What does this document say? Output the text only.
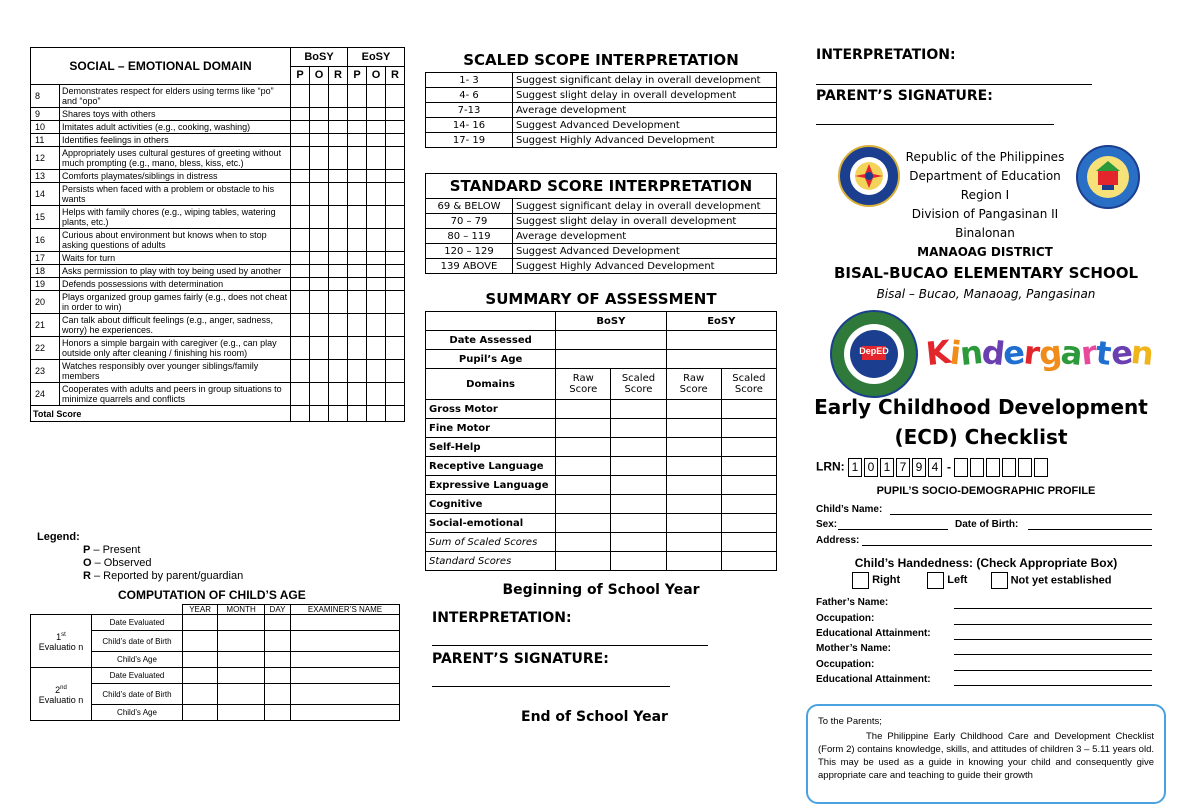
SOCIAL – EMOTIONAL DOMAIN		BoSY			EoSY		
		P	O	R	P	O	R
8	Demonstrates respect for elders using terms like “po” and “opo”						
9	Shares toys with others						
10	Imitates adult activities (e.g., cooking, washing)						
11	Identifies feelings in others						
12	Appropriately uses cultural gestures of greeting without much prompting (e.g., mano, bless, kiss, etc.)						
13	Comforts playmates/siblings in distress						
14	Persists when faced with a problem or obstacle to his wants						
15	Helps with family chores (e.g., wiping tables, watering plants, etc.)						
16	Curious about environment but knows when to stop asking questions of adults						
17	Waits for turn						
18	Asks permission to play with toy being used by another						
19	Defends possessions with determination						
20	Plays organized group games fairly (e.g., does not cheat in order to win)						
21	Can talk about difficult feelings (e.g., anger, sadness, worry) he experiences.						
22	Honors a simple bargain with caregiver (e.g., can play outside only after cleaning / finishing his room)						
23	Watches responsibly over younger siblings/family members						
24	Cooperates with adults and peers in group situations to minimize quarrels and conflicts						
Total Score							
Legend:
P – Present
O – Observed
R – Reported by parent/guardian
COMPUTATION OF CHILD’S AGE
		YEAR	MONTH	DAY	EXAMINER’S NAME
1st
Evaluatio n	Date Evaluated				
	Child’s date of Birth				
	Child’s Age				
2nd
Evaluatio n	Date Evaluated				
	Child’s date of Birth				
	Child’s Age				
SCALED SCOPE INTERPRETATION
1- 3	Suggest significant delay in overall development
4- 6	Suggest slight delay in overall development
7-13	Average development
14- 16	Suggest Advanced Development
17- 19	Suggest Highly Advanced Development
STANDARD SCORE INTERPRETATION
69 & BELOW	Suggest significant delay in overall development
70 – 79	Suggest slight delay in overall development
80 – 119	Average development
120 – 129	Suggest Advanced Development
139 ABOVE	Suggest Highly Advanced Development
SUMMARY OF ASSESSMENT
	BoSY		EoSY	
Date Assessed				
Pupil’s Age				
Domains	Raw Score	Scaled Score	Raw Score	Scaled Score
Gross Motor				
Fine Motor				
Self-Help				
Receptive Language				
Expressive Language				
Cognitive				
Social-emotional				
Sum of Scaled Scores				
Standard Scores				
Beginning of School Year
INTERPRETATION:
PARENT’S SIGNATURE:
End of School Year
INTERPRETATION:
PARENT’S SIGNATURE:
Republic of the Philippines
Department of Education
Region I
Division of Pangasinan II
Binalonan
MANAOAG DISTRICT
BISAL-BUCAO ELEMENTARY SCHOOL
Bisal – Bucao, Manaoag, Pangasinan
DepED Kindergarten
Early Childhood Development
(ECD) Checklist
LRN: 1 0 1 7 9 4 -
PUPIL’S SOCIO-DEMOGRAPHIC PROFILE
Child’s Name:
Sex:	Date of Birth:
Address:
Child’s Handedness: (Check Appropriate Box)
Right	Left	Not yet established
Father’s Name:
Occupation:
Educational Attainment:
Mother’s Name:
Occupation:
Educational Attainment:
To the Parents;
The Philippine Early Childhood Care and Development Checklist (Form 2) contains knowledge, skills, and attitudes of children 3 – 5.11 years old. This may be used as a guide in knowing your child and consequently give appropriate care and teaching to guide their growth
